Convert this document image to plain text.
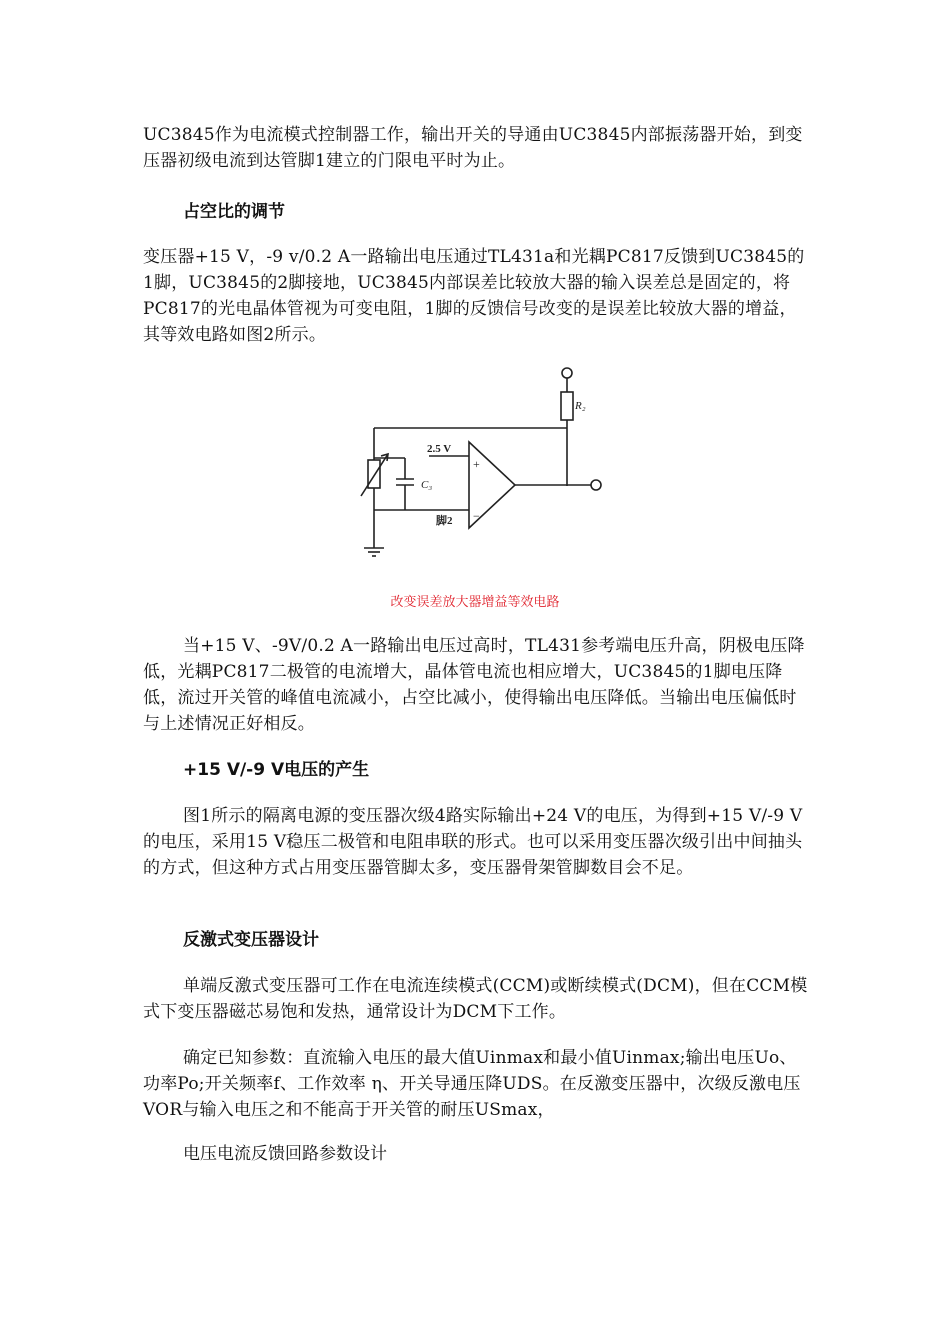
UC3845作为电流模式控制器工作，输出开关的导通由UC3845内部振荡器开始，到变压器初级电流到达管脚1建立的门限电平时为止。

占空比的调节

变压器+15 V，-9 v/0.2 A一路输出电压通过TL431a和光耦PC817反馈到UC3845的1脚，UC3845的2脚接地，UC3845内部误差比较放大器的输入误差总是固定的，将PC817的光电晶体管视为可变电阻，1脚的反馈信号改变的是误差比较放大器的增益，其等效电路如图2所示。

R₂
2.5 V
+
−
C₃
脚2
改变误差放大器增益等效电路

当+15 V、-9V/0.2 A一路输出电压过高时，TL431参考端电压升高，阴极电压降低，光耦PC817二极管的电流增大，晶体管电流也相应增大，UC3845的1脚电压降低，流过开关管的峰值电流减小，占空比减小，使得输出电压降低。当输出电压偏低时与上述情况正好相反。

+15 V/-9 V电压的产生

图1所示的隔离电源的变压器次级4路实际输出+24 V的电压，为得到+15 V/-9 V的电压，采用15 V稳压二极管和电阻串联的形式。也可以采用变压器次级引出中间抽头的方式，但这种方式占用变压器管脚太多，变压器骨架管脚数目会不足。

反激式变压器设计

单端反激式变压器可工作在电流连续模式(CCM)或断续模式(DCM)，但在CCM模式下变压器磁芯易饱和发热，通常设计为DCM下工作。

确定已知参数：直流输入电压的最大值Uinmax和最小值Uinmax;输出电压Uo、功率Po;开关频率f、工作效率 η、开关导通压降UDS。在反激变压器中，次级反激电压VOR与输入电压之和不能高于开关管的耐压USmax，

电压电流反馈回路参数设计
